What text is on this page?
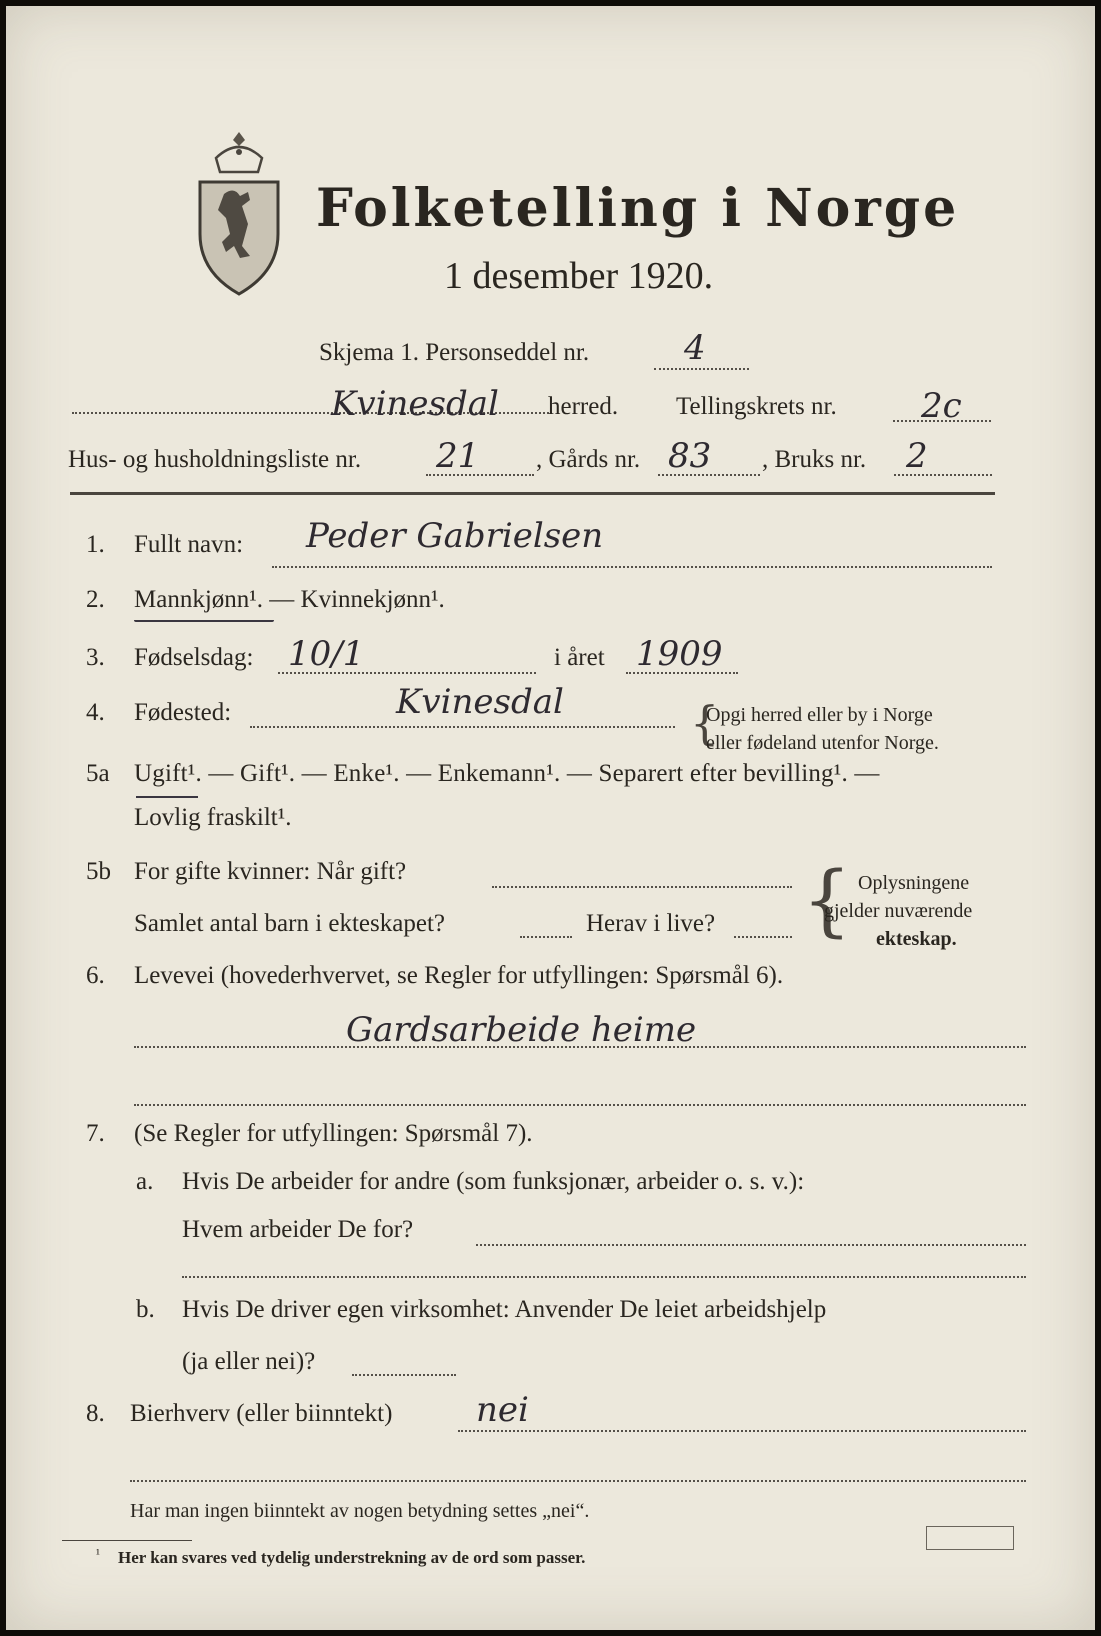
Folketelling i Norge
1 desember 1920.
Skjema 1. Personseddel nr.	4
Kvinesdal herred. Tellingskrets nr. 2c
Hus- og husholdningsliste nr. 21 , Gårds nr. 83 , Bruks nr. 2
1. Fullt navn: Peder Gabrielsen
2. Mannkjønn¹. — Kvinnekjønn¹.
3. Fødselsdag: 10/1	i året 1909
4. Fødested:	Kvinesdal	{
Opgi herred eller by i Norge
eller fødeland utenfor Norge.
5a Ugift¹. — Gift¹. — Enke¹. — Enkemann¹. — Separert efter bevilling¹. —
Lovlig fraskilt¹.
5b For gifte kvinner: Når gift?
Samlet antal barn i ekteskapet?	Herav i live? { Oplysningene
gjelder nuværende
ekteskap.
6. Levevei (hovederhvervet, se Regler for utfyllingen: Spørsmål 6).
Gardsarbeide heime
7. (Se Regler for utfyllingen: Spørsmål 7).
a. Hvis De arbeider for andre (som funksjonær, arbeider o. s. v.):
Hvem arbeider De for?
b. Hvis De driver egen virksomhet: Anvender De leiet arbeidshjelp
(ja eller nei)?
8. Bierhverv (eller biinntekt) nei
Har man ingen biinntekt av nogen betydning settes „nei“.
¹ Her kan svares ved tydelig understrekning av de ord som passer.
